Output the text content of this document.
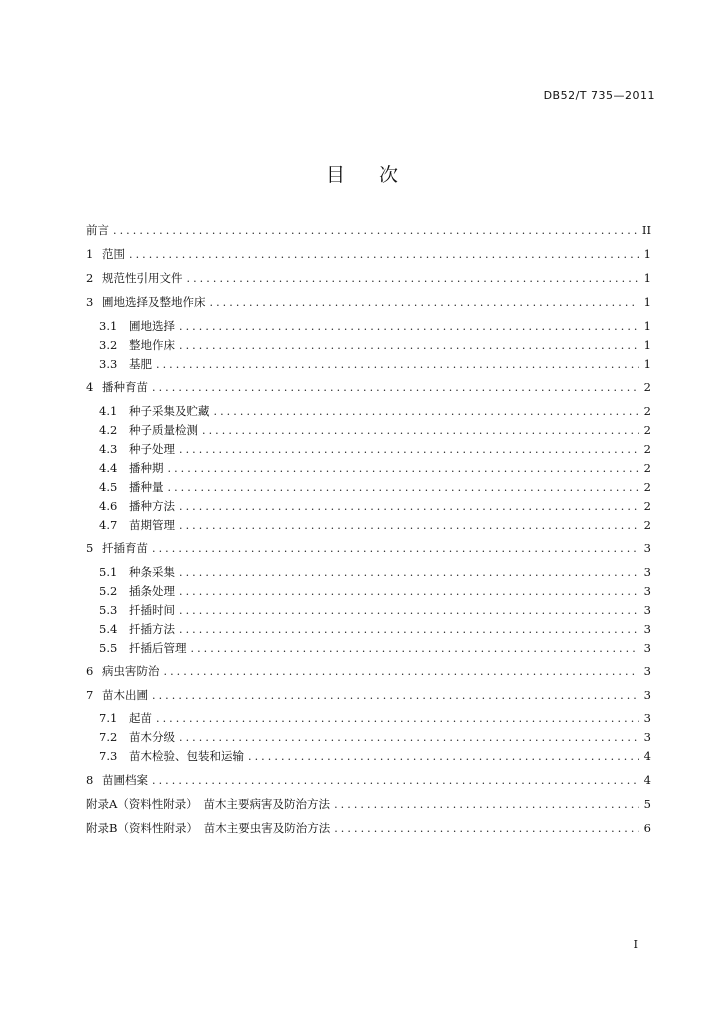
DB52/T 735—2011
目 次
前言 . . .	II
1 范围 . . .	1
2 规范性引用文件 . . .	1
3 圃地选择及整地作床 . . .	1
3.1	圃地选择 . . .	1
3.2	整地作床 . . .	1
3.3	基肥 . . .	1
4 播种育苗 . . .	2
4.1	种子采集及贮藏 . . .	2
4.2	种子质量检测 . . .	2
4.3	种子处理 . . .	2
4.4	播种期 . . .	2
4.5	播种量 . . .	2
4.6	播种方法 . . .	2
4.7	苗期管理 . . .	2
5 扦插育苗 . . .	3
5.1	种条采集 . . .	3
5.2	插条处理 . . .	3
5.3	扦插时间 . . .	3
5.4	扦插方法 . . .	3
5.5	扦插后管理 . . .	3
6 病虫害防治 . . .	3
7 苗木出圃 . . .	3
7.1	起苗 . . .	3
7.2	苗木分级 . . .	3
7.3	苗木检验、包装和运输 . . .	4
8 苗圃档案 . . .	4
附录A（资料性附录）　苗木主要病害及防治方法 . . .	5
附录B（资料性附录）　苗木主要虫害及防治方法 . . .	6
I
